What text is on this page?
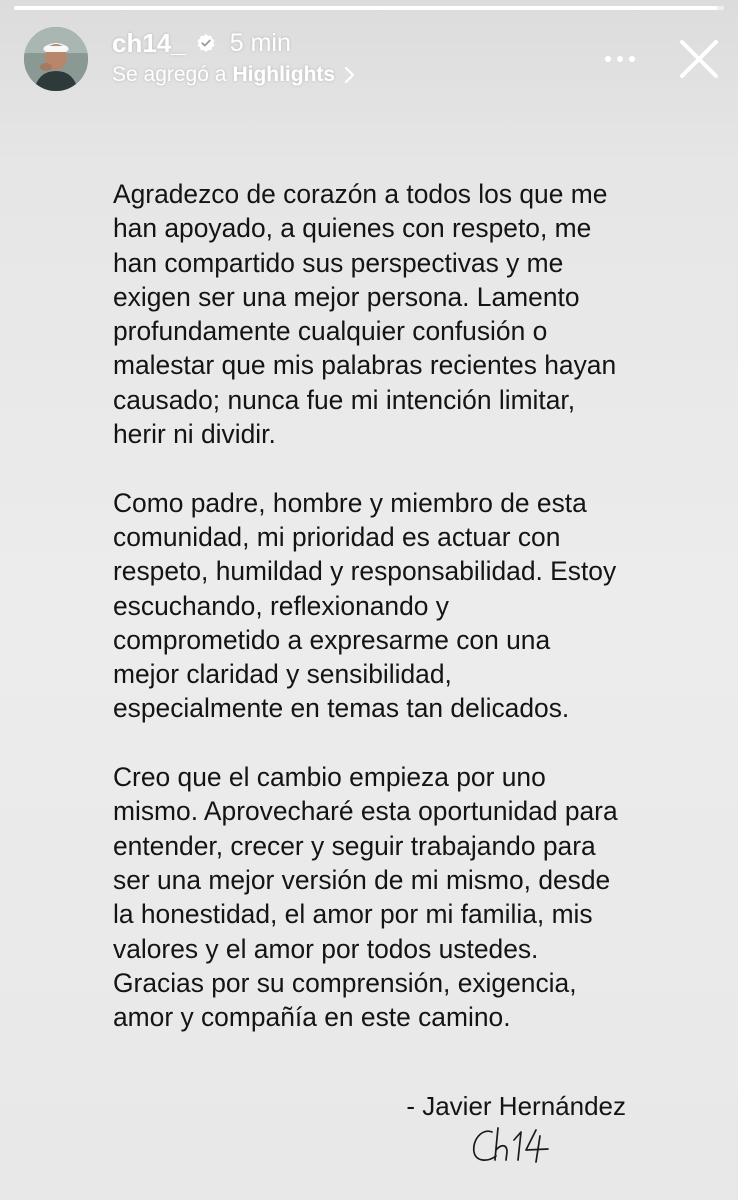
ch14_ 5 min
Se agregó a Highlights

Agradezco de corazón a todos los que me
han apoyado, a quienes con respeto, me
han compartido sus perspectivas y me
exigen ser una mejor persona. Lamento
profundamente cualquier confusión o
malestar que mis palabras recientes hayan
causado; nunca fue mi intención limitar,
herir ni dividir.

Como padre, hombre y miembro de esta
comunidad, mi prioridad es actuar con
respeto, humildad y responsabilidad. Estoy
escuchando, reflexionando y
comprometido a expresarme con una
mejor claridad y sensibilidad,
especialmente en temas tan delicados.

Creo que el cambio empieza por uno
mismo. Aprovecharé esta oportunidad para
entender, crecer y seguir trabajando para
ser una mejor versión de mi mismo, desde
la honestidad, el amor por mi familia, mis
valores y el amor por todos ustedes.
Gracias por su comprensión, exigencia,
amor y compañía en este camino.

- Javier Hernández
